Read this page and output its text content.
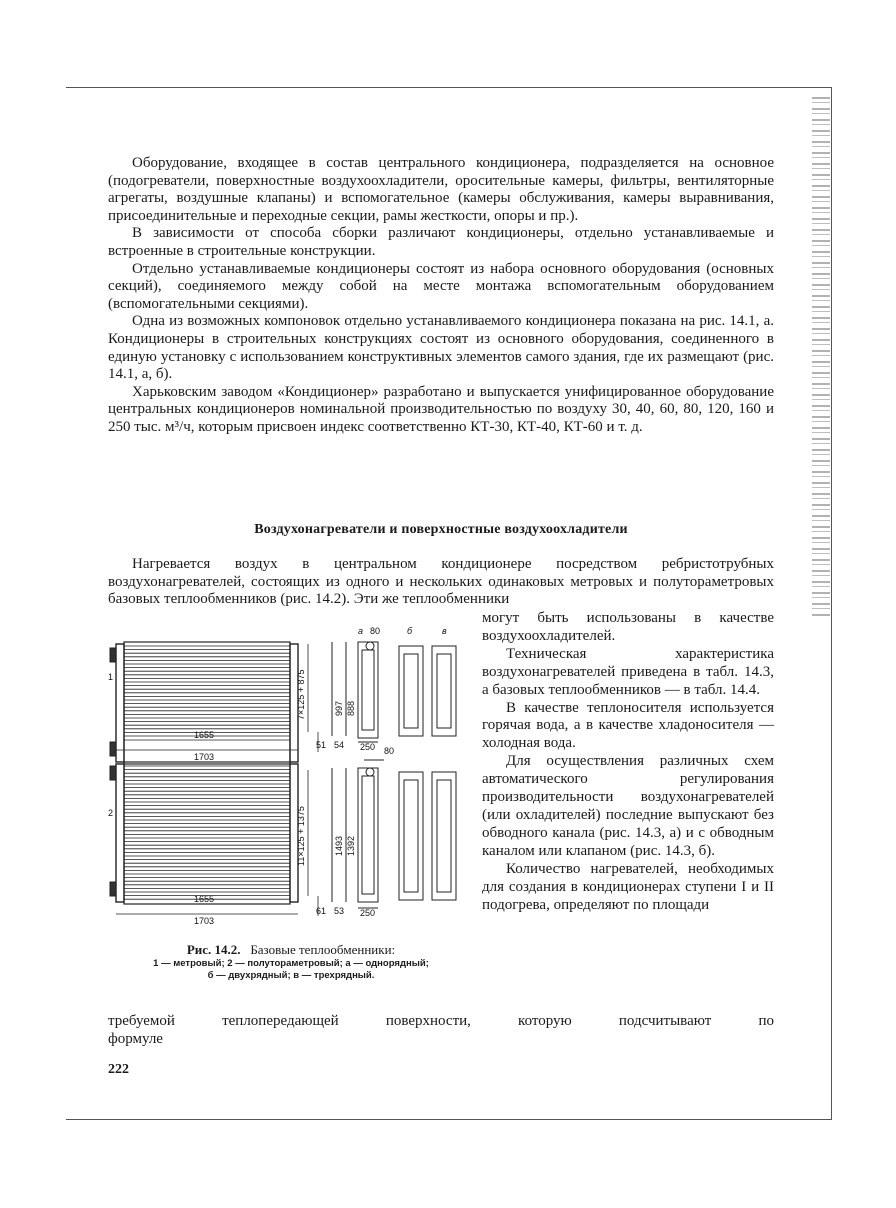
Оборудование, входящее в состав центрального кондиционера, подразделяется на основное (подогреватели, поверхностные воздухоохладители, оросительные камеры, фильтры, вентиляторные агрегаты, воздушные клапаны) и вспомогательное (камеры обслуживания, камеры выравнивания, присоединительные и переходные секции, рамы жесткости, опоры и пр.).

В зависимости от способа сборки различают кондиционеры, отдельно устанавливаемые и встроенные в строительные конструкции.

Отдельно устанавливаемые кондиционеры состоят из набора основного оборудования (основных секций), соединяемого между собой на месте монтажа вспомогательным оборудованием (вспомогательными секциями).

Одна из возможных компоновок отдельно устанавливаемого кондиционера показана на рис. 14.1, а. Кондиционеры в строительных конструкциях состоят из основного оборудования, соединенного в единую установку с использованием конструктивных элементов самого здания, где их размещают (рис. 14.1, а, б).

Харьковским заводом «Кондиционер» разработано и выпускается унифицированное оборудование центральных кондиционеров номинальной производительностью по воздуху 30, 40, 60, 80, 120, 160 и 250 тыс. м³/ч, которым присвоен индекс соответственно КТ-30, КТ-40, КТ-60 и т. д.

Воздухонагреватели и поверхностные воздухоохладители

Нагревается воздух в центральном кондиционере посредством ребристотрубных воздухонагревателей, состоящих из одного и нескольких одинаковых метровых и полутораметровых базовых теплообменников (рис. 14.2). Эти же теплообменники

могут быть использованы в качестве воздухоохладителей.

Техническая характеристика воздухонагревателей приведена в табл. 14.3, а базовых теплообменников — в табл. 14.4.

В качестве теплоносителя используется горячая вода, а в качестве хладоносителя — холодная вода.

Для осуществления различных схем автоматического регулирования производительности воздухонагревателей (или охладителей) последние выпускают без обводного канала (рис. 14.3, а) и с обводным каналом или клапаном (рис. 14.3, б).

Количество нагревателей, необходимых для создания в кондиционерах ступени I и II подогрева, определяют по площади

а	б	в
80
80
1
2
1655
1703
1655
1703
51 54 250
61 53 250
7×125 + 875	997 888
11×125 + 1375	1493 1392
Рис. 14.2. Базовые теплообменники:
1 — метровый; 2 — полутораметровый; а — однорядный;
б — двухрядный; в — трехрядный.
требуемой	теплопередающей	поверхности,	которую	подсчитывают	по
формуле
222
